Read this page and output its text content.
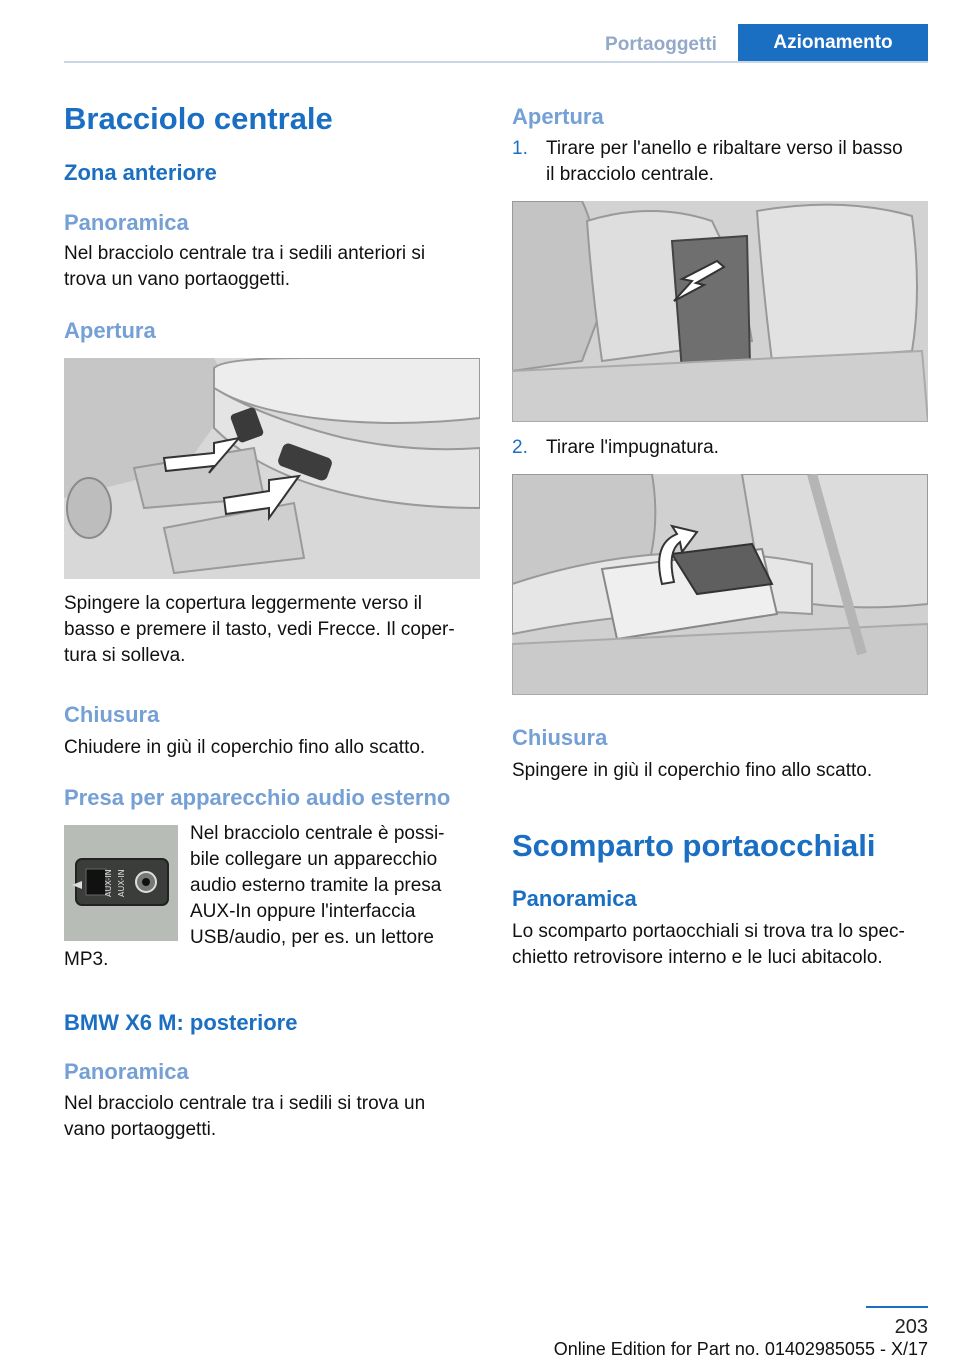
Portaoggetti	Azionamento
Bracciolo centrale
Zona anteriore
Panoramica
Nel bracciolo centrale tra i sedili anteriori si
trova un vano portaoggetti.
Apertura
Spingere la copertura leggermente verso il
basso e premere il tasto, vedi Frecce. Il coper‐
tura si solleva.
Chiusura
Chiudere in giù il coperchio fino allo scatto.
Presa per apparecchio audio esterno
AUX-IN AUX-IN
Nel bracciolo centrale è possi‐
bile collegare un apparecchio
audio esterno tramite la presa
AUX-In oppure l'interfaccia
USB/audio, per es. un lettore
MP3.
BMW X6 M: posteriore
Panoramica
Nel bracciolo centrale tra i sedili si trova un
vano portaoggetti.
Apertura
1. Tirare per l'anello e ribaltare verso il basso
il bracciolo centrale.
2. Tirare l'impugnatura.
Chiusura
Spingere in giù il coperchio fino allo scatto.
Scomparto portaocchiali
Panoramica
Lo scomparto portaocchiali si trova tra lo spec‐
chietto retrovisore interno e le luci abitacolo.
203
Online Edition for Part no. 01402985055 - X/17
